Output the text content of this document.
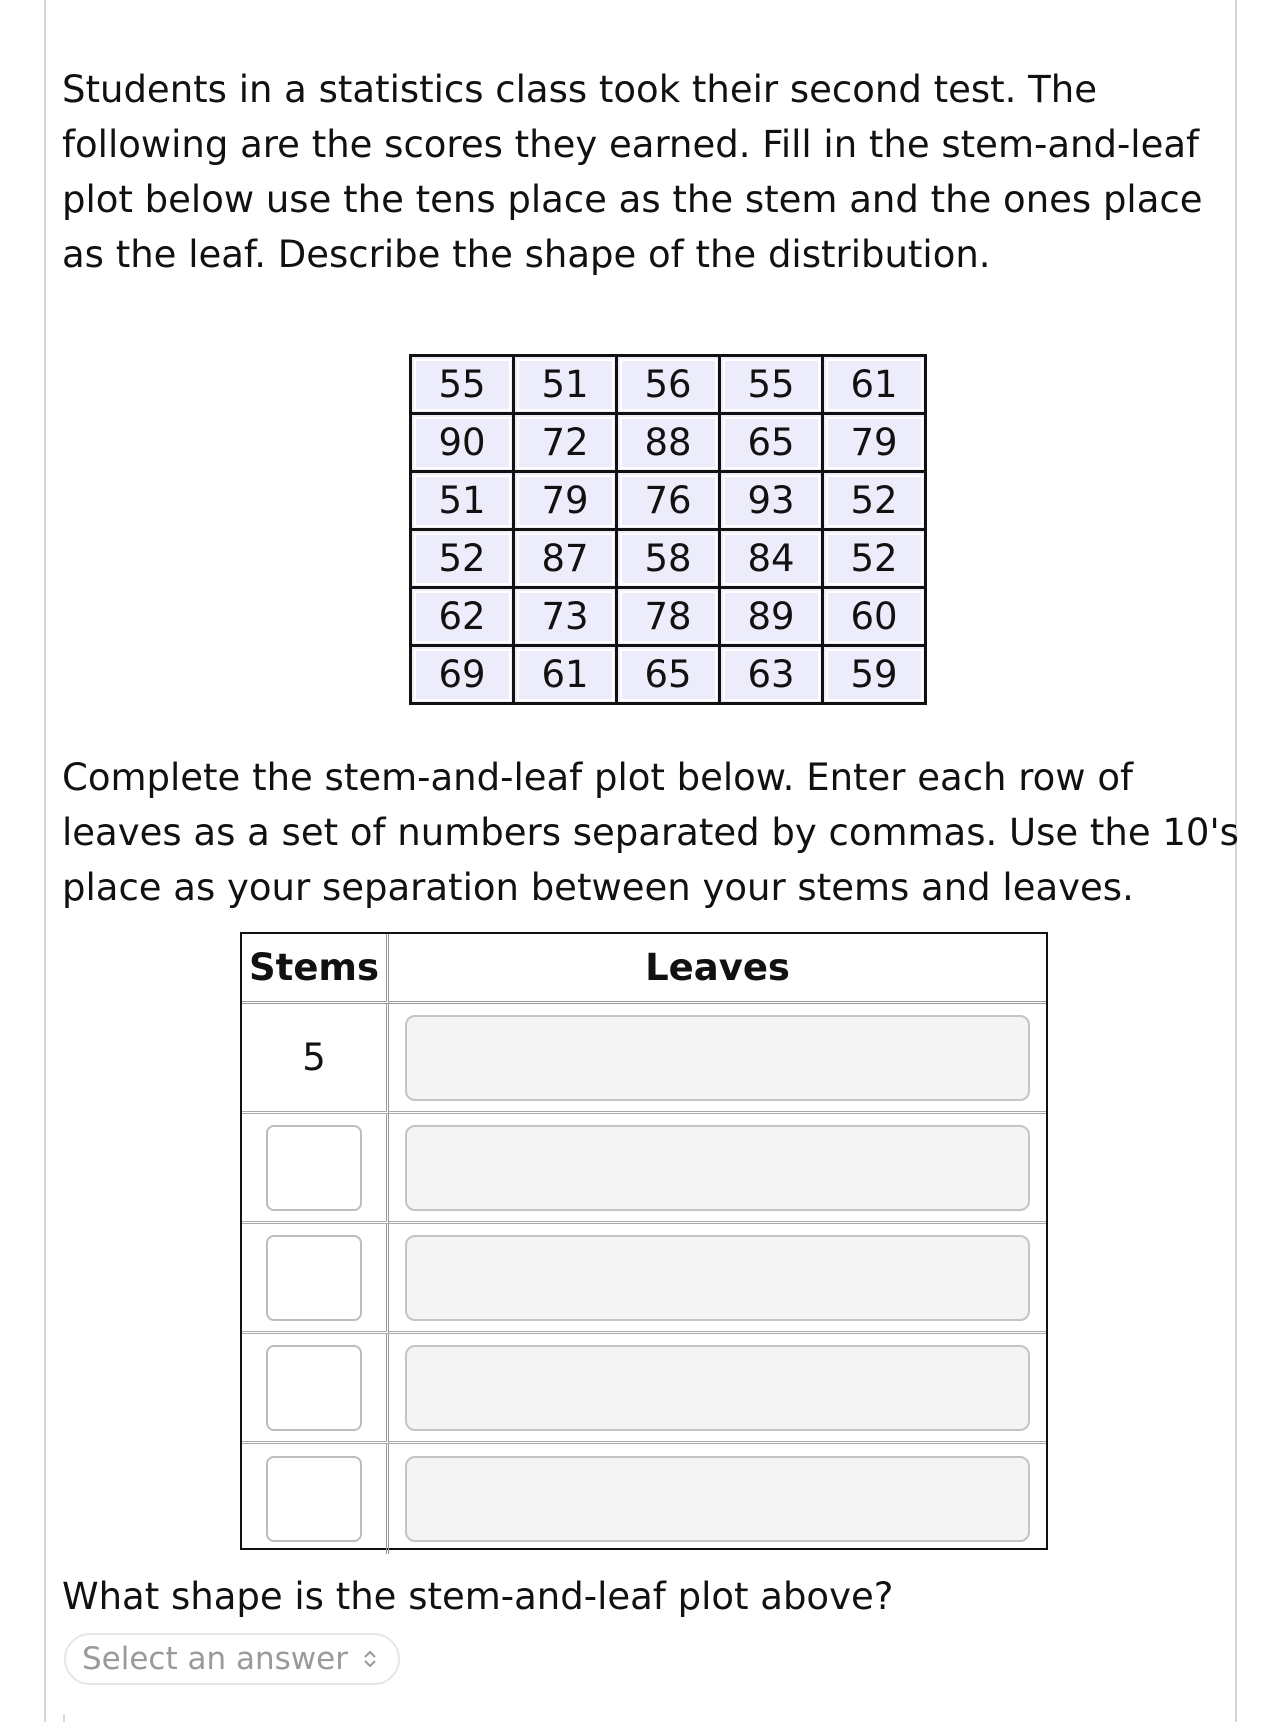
Students in a statistics class took their second test. The following are the scores they earned. Fill in the stem-and-leaf plot below use the tens place as the stem and the ones place as the leaf. Describe the shape of the distribution.

55	51	56	55	61
90	72	88	65	79
51	79	76	93	52
52	87	58	84	52
62	73	78	89	60
69	61	65	63	59

Complete the stem-and-leaf plot below. Enter each row of leaves as a set of numbers separated by commas. Use the 10's place as your separation between your stems and leaves.

Stems	Leaves
5

What shape is the stem-and-leaf plot above?

Select an answer
